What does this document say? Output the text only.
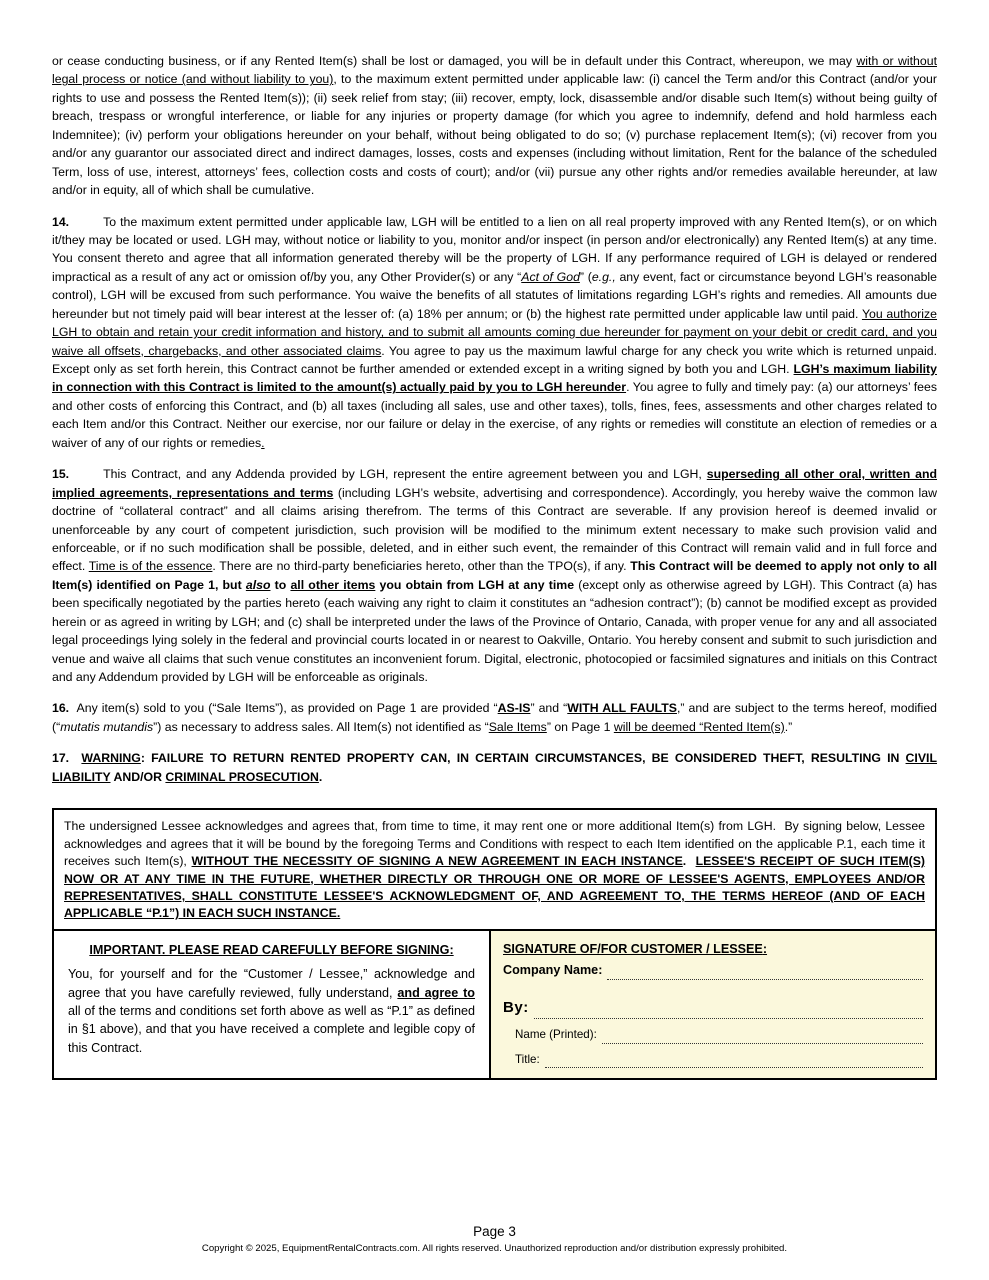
or cease conducting business, or if any Rented Item(s) shall be lost or damaged, you will be in default under this Contract, whereupon, we may with or without legal process or notice (and without liability to you), to the maximum extent permitted under applicable law: (i) cancel the Term and/or this Contract (and/or your rights to use and possess the Rented Item(s)); (ii) seek relief from stay; (iii) recover, empty, lock, disassemble and/or disable such Item(s) without being guilty of breach, trespass or wrongful interference, or liable for any injuries or property damage (for which you agree to indemnify, defend and hold harmless each Indemnitee); (iv) perform your obligations hereunder on your behalf, without being obligated to do so; (v) purchase replacement Item(s); (vi) recover from you and/or any guarantor our associated direct and indirect damages, losses, costs and expenses (including without limitation, Rent for the balance of the scheduled Term, loss of use, interest, attorneys’ fees, collection costs and costs of court); and/or (vii) pursue any other rights and/or remedies available hereunder, at law and/or in equity, all of which shall be cumulative.

14.	To the maximum extent permitted under applicable law, LGH will be entitled to a lien on all real property improved with any Rented Item(s), or on which it/they may be located or used. LGH may, without notice or liability to you, monitor and/or inspect (in person and/or electronically) any Rented Item(s) at any time. You consent thereto and agree that all information generated thereby will be the property of LGH. If any performance required of LGH is delayed or rendered impractical as a result of any act or omission of/by you, any Other Provider(s) or any “Act of God” (e.g., any event, fact or circumstance beyond LGH’s reasonable control), LGH will be excused from such performance. You waive the benefits of all statutes of limitations regarding LGH’s rights and remedies. All amounts due hereunder but not timely paid will bear interest at the lesser of: (a) 18% per annum; or (b) the highest rate permitted under applicable law until paid. You authorize LGH to obtain and retain your credit information and history, and to submit all amounts coming due hereunder for payment on your debit or credit card, and you waive all offsets, chargebacks, and other associated claims. You agree to pay us the maximum lawful charge for any check you write which is returned unpaid. Except only as set forth herein, this Contract cannot be further amended or extended except in a writing signed by both you and LGH. LGH’s maximum liability in connection with this Contract is limited to the amount(s) actually paid by you to LGH hereunder. You agree to fully and timely pay: (a) our attorneys’ fees and other costs of enforcing this Contract, and (b) all taxes (including all sales, use and other taxes), tolls, fines, fees, assessments and other charges related to each Item and/or this Contract. Neither our exercise, nor our failure or delay in the exercise, of any rights or remedies will constitute an election of remedies or a waiver of any of our rights or remedies.

15.	This Contract, and any Addenda provided by LGH, represent the entire agreement between you and LGH, superseding all other oral, written and implied agreements, representations and terms (including LGH’s website, advertising and correspondence). Accordingly, you hereby waive the common law doctrine of “collateral contract” and all claims arising therefrom. The terms of this Contract are severable. If any provision hereof is deemed invalid or unenforceable by any court of competent jurisdiction, such provision will be modified to the minimum extent necessary to make such provision valid and enforceable, or if no such modification shall be possible, deleted, and in either such event, the remainder of this Contract will remain valid and in full force and effect. Time is of the essence. There are no third-party beneficiaries hereto, other than the TPO(s), if any. This Contract will be deemed to apply not only to all Item(s) identified on Page 1, but also to all other items you obtain from LGH at any time (except only as otherwise agreed by LGH). This Contract (a) has been specifically negotiated by the parties hereto (each waiving any right to claim it constitutes an “adhesion contract”); (b) cannot be modified except as provided herein or as agreed in writing by LGH; and (c) shall be interpreted under the laws of the Province of Ontario, Canada, with proper venue for any and all associated legal proceedings lying solely in the federal and provincial courts located in or nearest to Oakville, Ontario. You hereby consent and submit to such jurisdiction and venue and waive all claims that such venue constitutes an inconvenient forum. Digital, electronic, photocopied or facsimiled signatures and initials on this Contract and any Addendum provided by LGH will be enforceable as originals.

16.  Any item(s) sold to you (“Sale Items”), as provided on Page 1 are provided “AS-IS” and “WITH ALL FAULTS,” and are subject to the terms hereof, modified (“mutatis mutandis”) as necessary to address sales. All Item(s) not identified as “Sale Items” on Page 1 will be deemed “Rented Item(s).”

17. WARNING: FAILURE TO RETURN RENTED PROPERTY CAN, IN CERTAIN CIRCUMSTANCES, BE CONSIDERED THEFT, RESULTING IN CIVIL LIABILITY AND/OR CRIMINAL PROSECUTION.

The undersigned Lessee acknowledges and agrees that, from time to time, it may rent one or more additional Item(s) from LGH.  By signing below, Lessee acknowledges and agrees that it will be bound by the foregoing Terms and Conditions with respect to each Item identified on the applicable P.1, each time it receives such Item(s), WITHOUT THE NECESSITY OF SIGNING A NEW AGREEMENT IN EACH INSTANCE.  LESSEE'S RECEIPT OF SUCH ITEM(S) NOW OR AT ANY TIME IN THE FUTURE, WHETHER DIRECTLY OR THROUGH ONE OR MORE OF LESSEE'S AGENTS, EMPLOYEES AND/OR REPRESENTATIVES, SHALL CONSTITUTE LESSEE'S ACKNOWLEDGMENT OF, AND AGREEMENT TO, THE TERMS HEREOF (AND OF EACH APPLICABLE “P.1”) IN EACH SUCH INSTANCE.
IMPORTANT. PLEASE READ CAREFULLY BEFORE SIGNING:

You, for yourself and for the “Customer / Lessee,” acknowledge and agree that you have carefully reviewed, fully understand, and agree to all of the terms and conditions set forth above as well as “P.1” as defined in §1 above), and that you have received a complete and legible copy of this Contract.

SIGNATURE OF/FOR CUSTOMER / LESSEE:
Company Name:
By:
Name (Printed):
Title:
Page 3
Copyright © 2025, EquipmentRentalContracts.com. All rights reserved. Unauthorized reproduction and/or distribution expressly prohibited.
